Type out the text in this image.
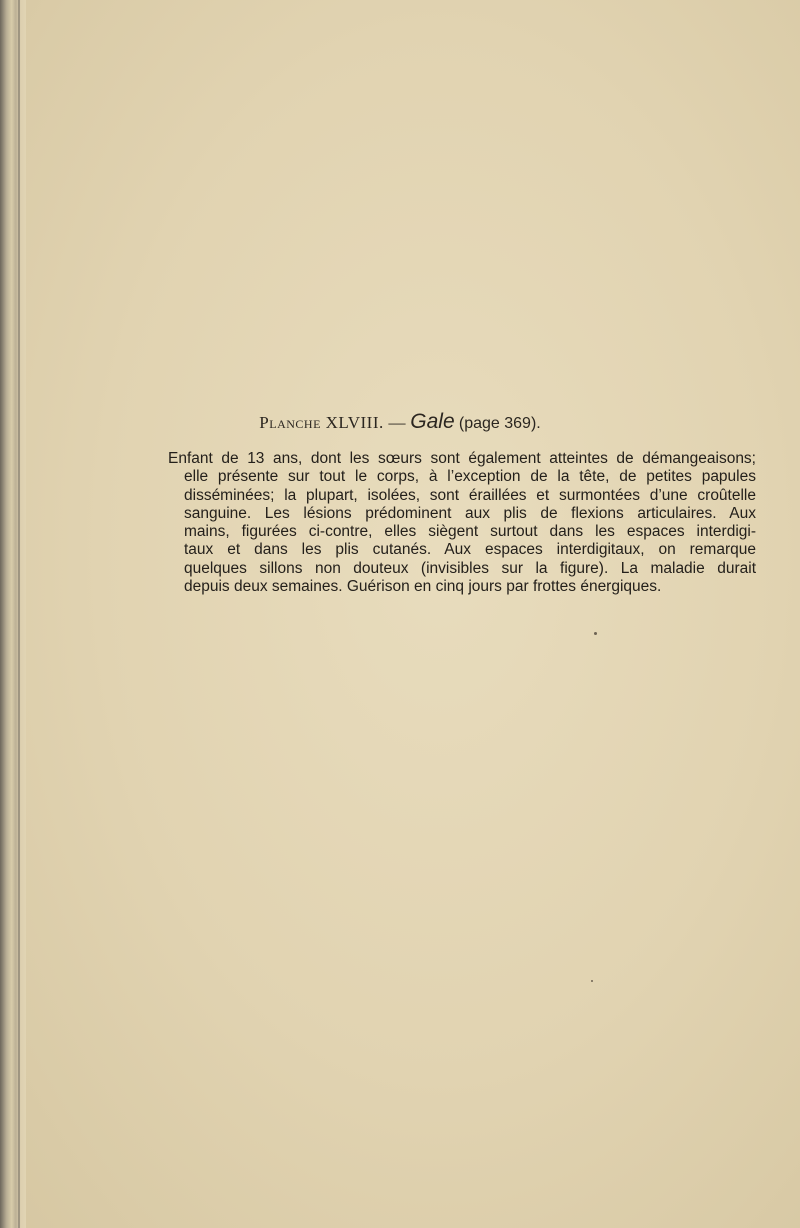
Planche XLVIII. — Gale (page 369).
Enfant de 13 ans, dont les sœurs sont également atteintes de démangeaisons;
elle présente sur tout le corps, à l’exception de la tête, de petites papules
disséminées; la plupart, isolées, sont éraillées et surmontées d’une croûtelle
sanguine. Les lésions prédominent aux plis de flexions articulaires. Aux
mains, figurées ci-contre, elles siègent surtout dans les espaces interdigi-
taux et dans les plis cutanés. Aux espaces interdigitaux, on remarque
quelques sillons non douteux (invisibles sur la figure). La maladie durait
depuis deux semaines. Guérison en cinq jours par frottes énergiques.
